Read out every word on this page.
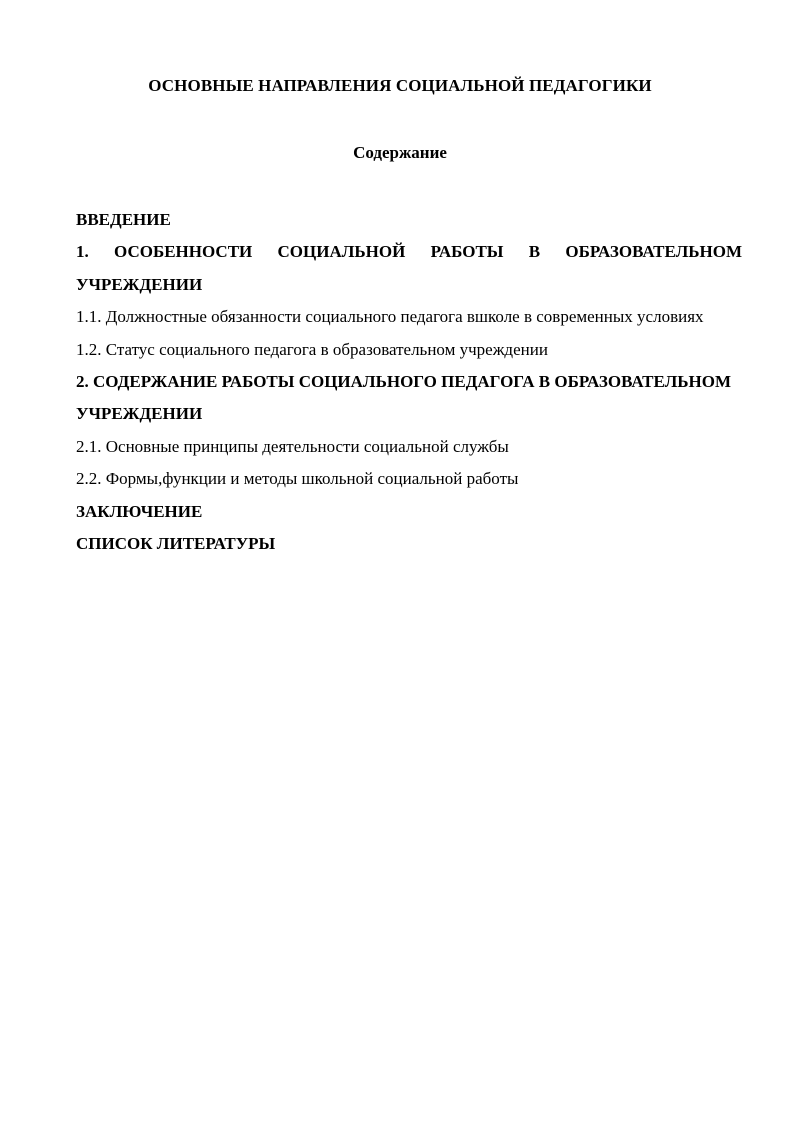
ОСНОВНЫЕ НАПРАВЛЕНИЯ СОЦИАЛЬНОЙ ПЕДАГОГИКИ
Содержание

ВВЕДЕНИЕ

1. ОСОБЕННОСТИ СОЦИАЛЬНОЙ РАБОТЫ В ОБРАЗОВАТЕЛЬНОМ УЧРЕЖДЕНИИ

1.1. Должностные обязанности социального педагога вшколе в современных условиях

1.2. Статус социального педагога в образовательном учреждении

2. СОДЕРЖАНИЕ РАБОТЫ СОЦИАЛЬНОГО ПЕДАГОГА В ОБРАЗОВАТЕЛЬНОМ

УЧРЕЖДЕНИИ

2.1. Основные принципы деятельности социальной службы

2.2. Формы,функции и методы школьной социальной работы

ЗАКЛЮЧЕНИЕ

СПИСОК ЛИТЕРАТУРЫ
